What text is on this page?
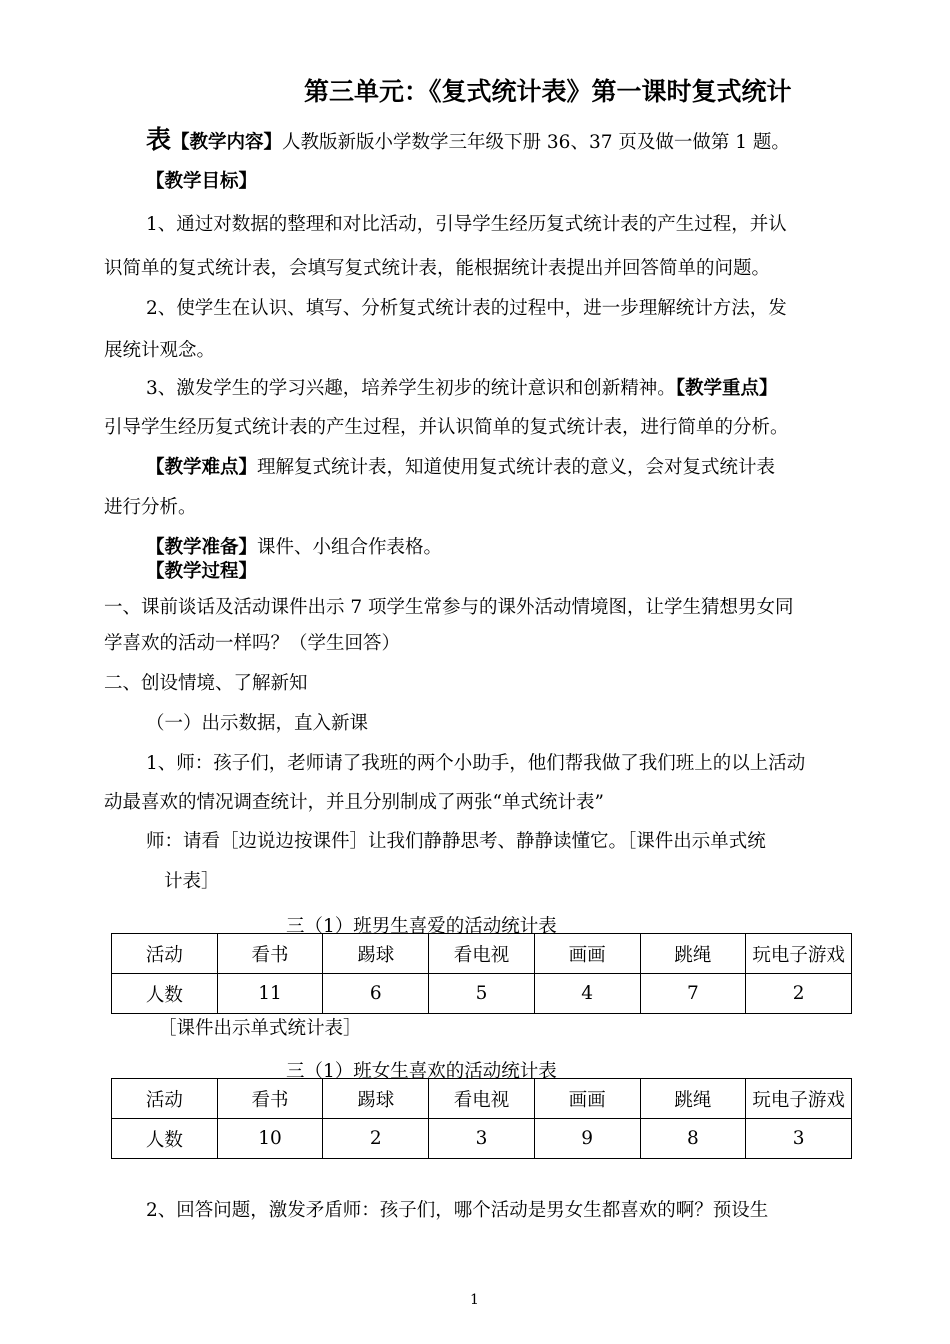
第三单元：《复式统计表》第一课时复式统计
表【教学内容】人教版新版小学数学三年级下册 36、37 页及做一做第 1 题。
【教学目标】
1、通过对数据的整理和对比活动，引导学生经历复式统计表的产生过程，并认
识简单的复式统计表，会填写复式统计表，能根据统计表提出并回答简单的问题。
2、使学生在认识、填写、分析复式统计表的过程中，进一步理解统计方法，发
展统计观念。
3、激发学生的学习兴趣，培养学生初步的统计意识和创新精神。【教学重点】
引导学生经历复式统计表的产生过程，并认识简单的复式统计表，进行简单的分析。
【教学难点】理解复式统计表，知道使用复式统计表的意义，会对复式统计表
进行分析。
【教学准备】课件、小组合作表格。
【教学过程】
一、课前谈话及活动课件出示 7 项学生常参与的课外活动情境图，让学生猜想男女同
学喜欢的活动一样吗？（学生回答）
二、创设情境、了解新知
（一）出示数据，直入新课
1、师：孩子们，老师请了我班的两个小助手，他们帮我做了我们班上的以上活动
动最喜欢的情况调查统计，并且分别制成了两张“单式统计表”
师：请看［边说边按课件］让我们静静思考、静静读懂它。［课件出示单式统
计表］
三（1）班男生喜爱的活动统计表
活动	看书	踢球	看电视	画画	跳绳	玩电子游戏
人数	11	6	5	4	7	2
［课件出示单式统计表］
三（1）班女生喜欢的活动统计表
活动	看书	踢球	看电视	画画	跳绳	玩电子游戏
人数	10	2	3	9	8	3
2、回答问题，激发矛盾师：孩子们，哪个活动是男女生都喜欢的啊？预设生
1
